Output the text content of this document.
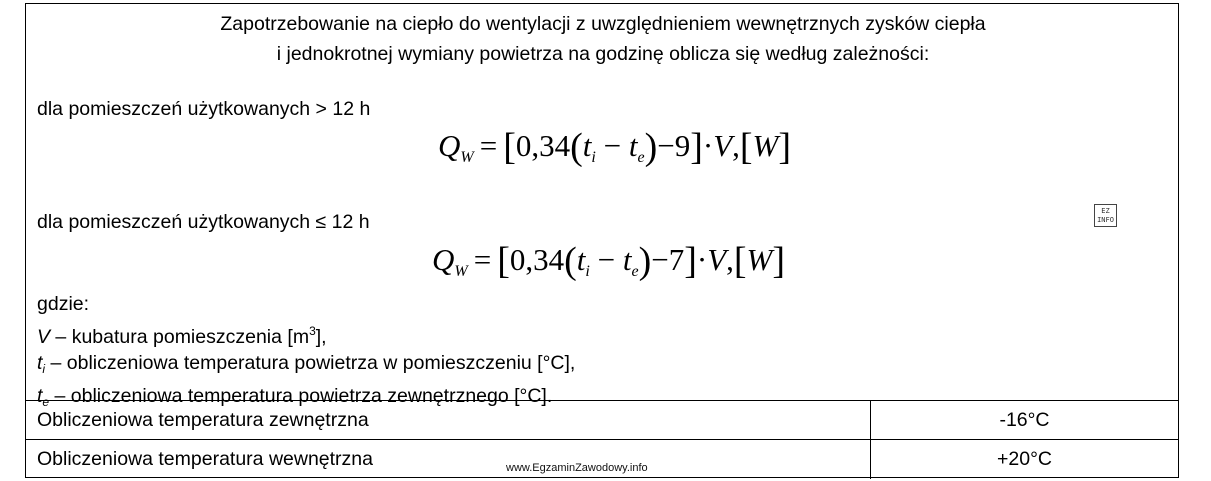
Zapotrzebowanie na ciepło do wentylacji z uwzględnieniem wewnętrznych zysków ciepła
i jednokrotnej wymiany powietrza na godzinę oblicza się według zależności:
dla pomieszczeń użytkowanych > 12 h
$Q_W = [0,34(t_i - t_e)-9]\cdot V,[W]$
EZ
INFO
dla pomieszczeń użytkowanych ≤ 12 h
$Q_W = [0,34(t_i - t_e)-7]\cdot V,[W]$
gdzie:
V – kubatura pomieszczenia $[m^3]$,
$t_i$ – obliczeniowa temperatura powietrza w pomieszczeniu [°C],
$t_e$ – obliczeniowa temperatura powietrza zewnętrznego [°C].
Obliczeniowa temperatura zewnętrzna	-16°C
Obliczeniowa temperatura wewnętrzna	+20°C
www.EgzaminZawodowy.info
